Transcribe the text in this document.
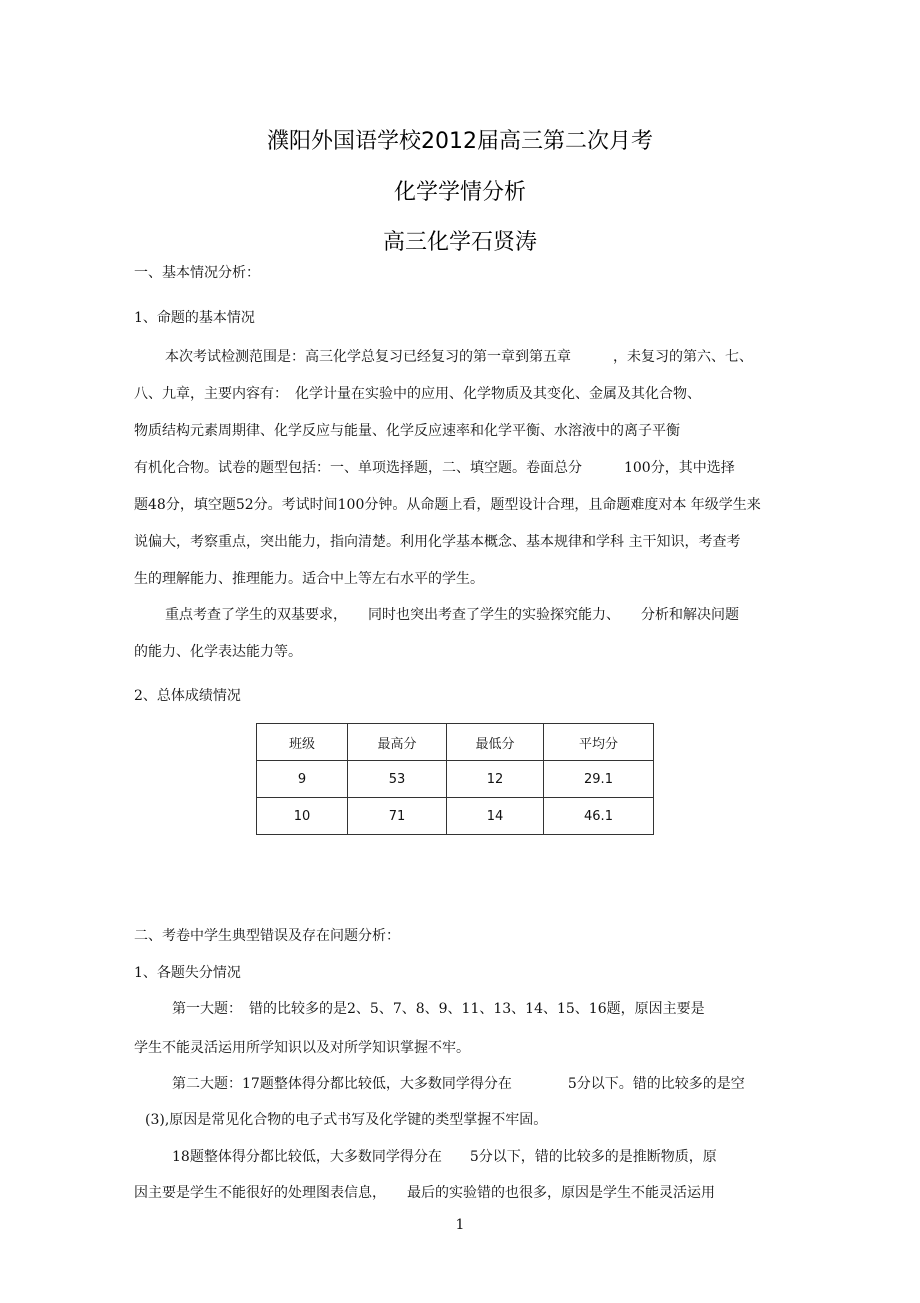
濮阳外国语学校2012届高三第二次月考
化学学情分析
高三化学石贤涛
一、基本情况分析：
1、命题的基本情况
本次考试检测范围是：高三化学总复习已经复习的第一章到第五章　　　，未复习的第六、七、
八、九章，主要内容有：　化学计量在实验中的应用、化学物质及其变化、金属及其化合物、
物质结构元素周期律、化学反应与能量、化学反应速率和化学平衡、水溶液中的离子平衡
有机化合物。试卷的题型包括：一、单项选择题，二、填空题。卷面总分　　　100分，其中选择
题48分，填空题52分。考试时间100分钟。从命题上看，题型设计合理，且命题难度对本 年级学生来
说偏大，考察重点，突出能力，指向清楚。利用化学基本概念、基本规律和学科 主干知识，考查考
生的理解能力、推理能力。适合中上等左右水平的学生。
重点考查了学生的双基要求，　　同时也突出考查了学生的实验探究能力、　　分析和解决问题
的能力、化学表达能力等。
2、总体成绩情况
班级	最高分	最低分	平均分
9	53	12	29.1
10	71	14	46.1
二、考卷中学生典型错误及存在问题分析：
1、各题失分情况
第一大题：　错的比较多的是2、5、7、8、9、11、13、14、15、16题，原因主要是
学生不能灵活运用所学知识以及对所学知识掌握不牢。
第二大题：17题整体得分都比较低，大多数同学得分在　　　　5分以下。错的比较多的是空
(3),原因是常见化合物的电子式书写及化学键的类型掌握不牢固。
18题整体得分都比较低，大多数同学得分在　　5分以下，错的比较多的是推断物质，原
因主要是学生不能很好的处理图表信息，　　最后的实验错的也很多，原因是学生不能灵活运用
1
